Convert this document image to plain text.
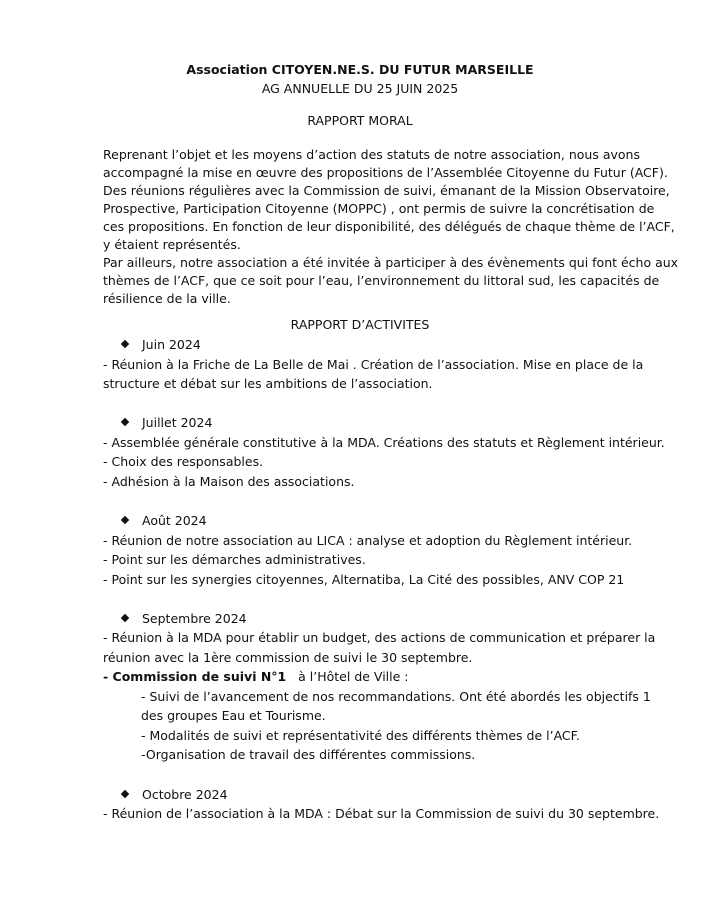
Association CITOYEN.NE.S. DU FUTUR MARSEILLE
AG ANNUELLE DU 25 JUIN 2025
RAPPORT MORAL
Reprenant l’objet et les moyens d’action des statuts de notre association, nous avons
accompagné la mise en œuvre des propositions de l’Assemblée Citoyenne du Futur (ACF).
Des réunions régulières avec la Commission de suivi, émanant de la Mission Observatoire,
Prospective, Participation Citoyenne (MOPPC) , ont permis de suivre la concrétisation de
ces propositions. En fonction de leur disponibilité, des délégués de chaque thème de l’ACF,
y étaient représentés.
Par ailleurs, notre association a été invitée à participer à des évènements qui font écho aux
thèmes de l’ACF, que ce soit pour l’eau, l’environnement du littoral sud, les capacités de
résilience de la ville.
RAPPORT D’ACTIVITES
Juin 2024
- Réunion à la Friche de La Belle de Mai . Création de l’association. Mise en place de la
structure et débat sur les ambitions de l’association.
Juillet 2024
- Assemblée générale constitutive à la MDA. Créations des statuts et Règlement intérieur.
- Choix des responsables.
- Adhésion à la Maison des associations.
Août 2024
- Réunion de notre association au LICA : analyse et adoption du Règlement intérieur.
- Point sur les démarches administratives.
- Point sur les synergies citoyennes, Alternatiba, La Cité des possibles, ANV COP 21
Septembre 2024
- Réunion à la MDA pour établir un budget, des actions de communication et préparer la
réunion avec la 1ère commission de suivi le 30 septembre.
- Commission de suivi N°1   à l’Hôtel de Ville :
- Suivi de l’avancement de nos recommandations. Ont été abordés les objectifs 1
des groupes Eau et Tourisme.
- Modalités de suivi et représentativité des différents thèmes de l’ACF.
-Organisation de travail des différentes commissions.
Octobre 2024
- Réunion de l’association à la MDA : Débat sur la Commission de suivi du 30 septembre.
